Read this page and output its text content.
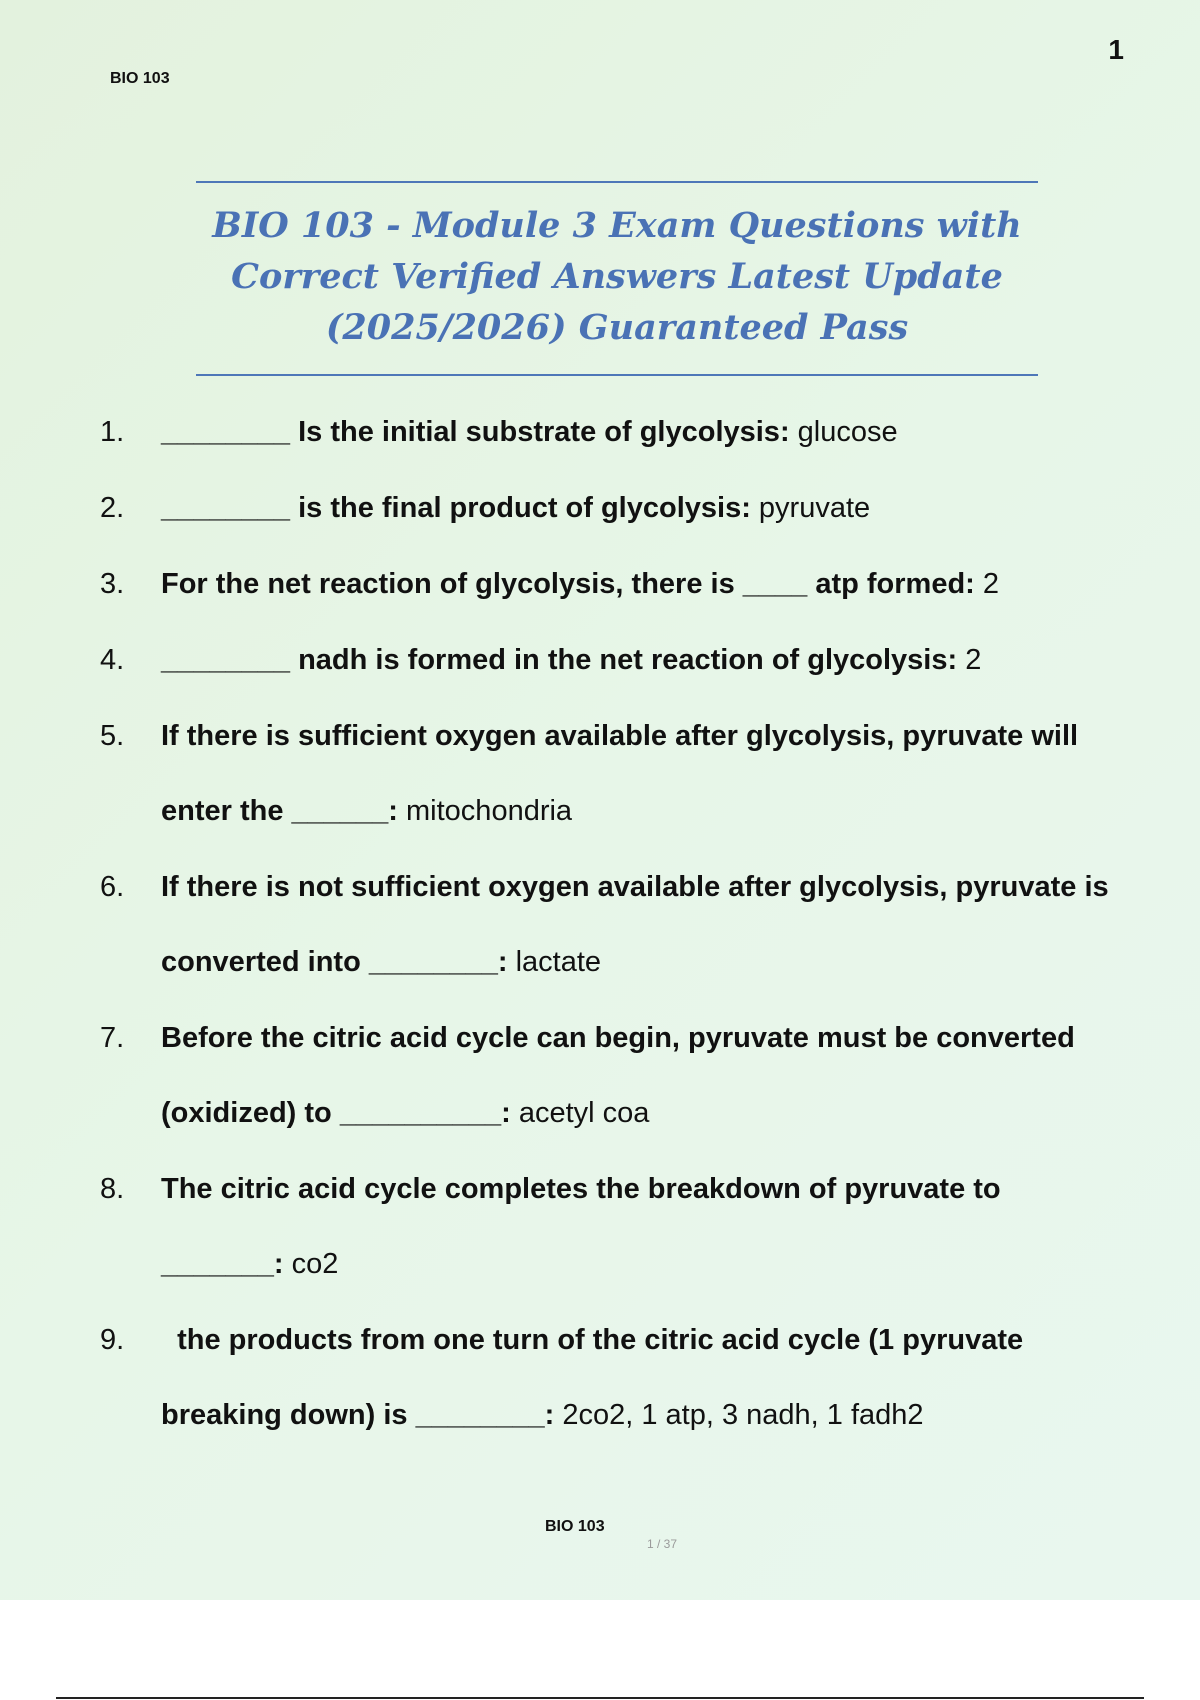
BIO 103
1
BIO 103 - Module 3 Exam Questions with
Correct Verified Answers Latest Update
(2025/2026) Guaranteed Pass
1.	________ Is the initial substrate of glycolysis: glucose
2.	________ is the final product of glycolysis: pyruvate
3.	For the net reaction of glycolysis, there is ____ atp formed: 2
4.	________ nadh is formed in the net reaction of glycolysis: 2
5.	If there is sufficient oxygen available after glycolysis, pyruvate will enter the ______: mitochondria
6.	If there is not sufficient oxygen available after glycolysis, pyruvate is converted into ________: lactate
7.	Before the citric acid cycle can begin, pyruvate must be converted (oxidized) to __________: acetyl coa
8.	The citric acid cycle completes the breakdown of pyruvate to _______: co2
9.	the products from one turn of the citric acid cycle (1 pyruvate breaking down) is ________: 2co2, 1 atp, 3 nadh, 1 fadh2
BIO 103
1 / 37
